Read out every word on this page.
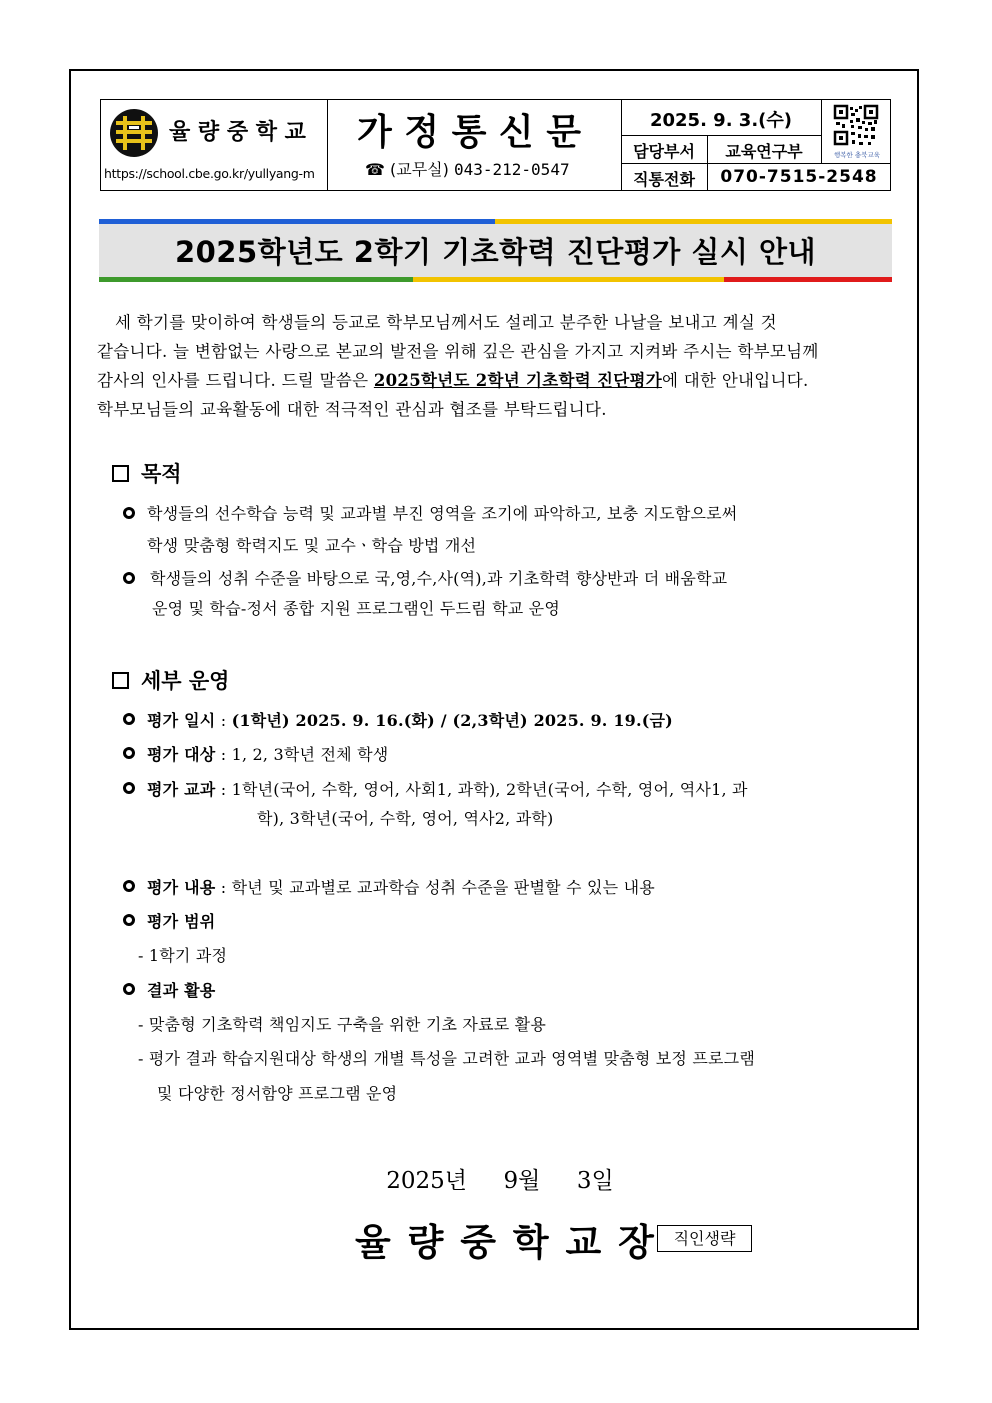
율 량 중 학 교
https://school.cbe.go.kr/yullyang-m
가 정 통 신 문
☎ (교무실) 043-212-0547
2025. 9. 3.(수)
담당부서	교육연구부
직통전화	070-7515-2548
행복한 충북교육
2025학년도 2학기 기초학력 진단평가 실시 안내
세 학기를 맞이하여 학생들의 등교로 학부모님께서도 설레고 분주한 나날을 보내고 계실 것
같습니다. 늘 변함없는 사랑으로 본교의 발전을 위해 깊은 관심을 가지고 지켜봐 주시는 학부모님께
감사의 인사를 드립니다. 드릴 말씀은 2025학년도 2학년 기초학력 진단평가에 대한 안내입니다.
학부모님들의 교육활동에 대한 적극적인 관심과 협조를 부탁드립니다.
목적
학생들의 선수학습 능력 및 교과별 부진 영역을 조기에 파악하고, 보충 지도함으로써
학생 맞춤형 학력지도 및 교수ㆍ학습 방법 개선
학생들의 성취 수준을 바탕으로 국,영,수,사(역),과 기초학력 향상반과 더 배움학교
운영 및 학습-정서 종합 지원 프로그램인 두드림 학교 운영
세부 운영
평가 일시 : (1학년) 2025. 9. 16.(화) / (2,3학년) 2025. 9. 19.(금)
평가 대상 : 1, 2, 3학년 전체 학생
평가 교과 : 1학년(국어, 수학, 영어, 사회1, 과학), 2학년(국어, 수학, 영어, 역사1, 과
학), 3학년(국어, 수학, 영어, 역사2, 과학)
평가 내용 : 학년 및 교과별로 교과학습 성취 수준을 판별할 수 있는 내용
평가 범위
- 1학기 과정
결과 활용
- 맞춤형 기초학력 책임지도 구축을 위한 기초 자료로 활용
- 평가 결과 학습지원대상 학생의 개별 특성을 고려한 교과 영역별 맞춤형 보정 프로그램
및 다양한 정서함양 프로그램 운영
2025년     9월     3일
율 량 중 학 교 장	직인생략
